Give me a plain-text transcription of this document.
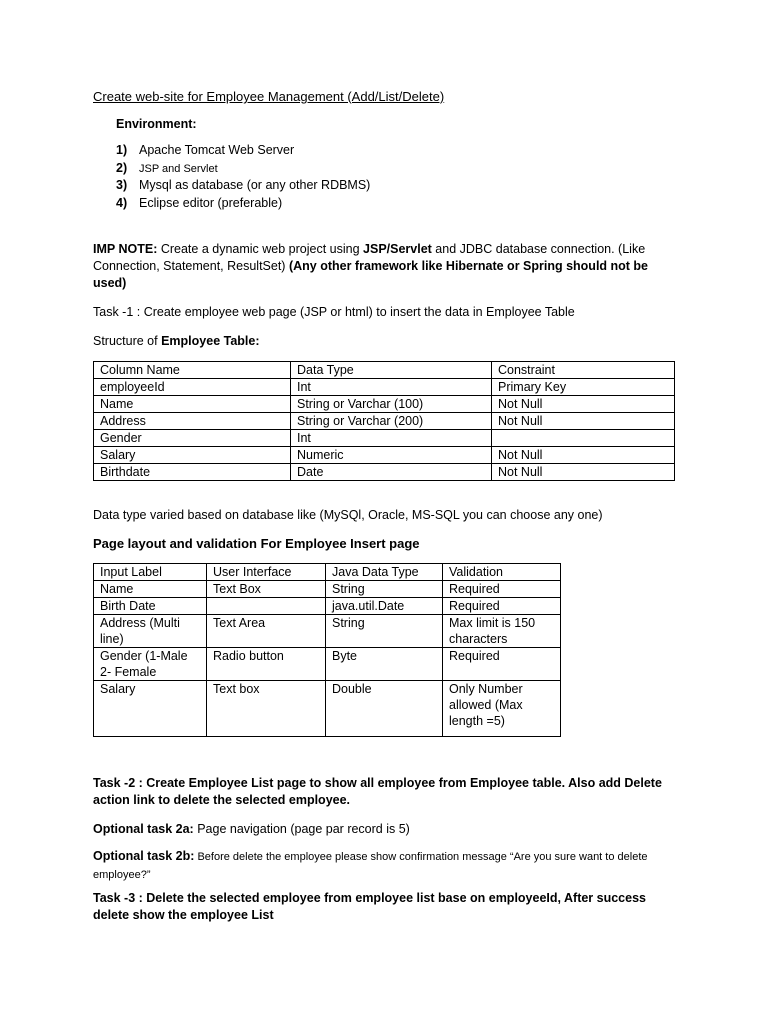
Create web-site for Employee Management (Add/List/Delete)
Environment:
1) Apache Tomcat Web Server
2) JSP and Servlet
3) Mysql as database (or any other RDBMS)
4) Eclipse editor (preferable)
IMP NOTE: Create a dynamic web project using JSP/Servlet and JDBC database connection. (Like Connection, Statement, ResultSet) (Any other framework like Hibernate or Spring should not be used)
Task -1 : Create employee web page (JSP or html) to insert the data in Employee Table
Structure of Employee Table:
Column Name	Data Type	Constraint
employeeId	Int	Primary Key
Name	String or Varchar (100)	Not Null
Address	String or Varchar (200)	Not Null
Gender	Int	
Salary	Numeric	Not Null
Birthdate	Date	Not Null
Data type varied based on database like (MySQl, Oracle, MS-SQL you can choose any one)
Page layout and validation For Employee Insert page
Input Label	User Interface	Java Data Type	Validation
Name	Text Box	String	Required
Birth Date		java.util.Date	Required
Address (Multi line)	Text Area	String	Max limit is 150 characters
Gender (1-Male 2- Female	Radio button	Byte	Required
Salary	Text box	Double	Only Number allowed (Max length =5)
Task -2 : Create Employee List page to show all employee from Employee table. Also add Delete action link to delete the selected employee.
Optional task 2a: Page navigation (page par record is 5)
Optional task 2b: Before delete the employee please show confirmation message “Are you sure want to delete employee?”
Task -3 : Delete the selected employee from employee list base on employeeId, After success delete show the employee List
